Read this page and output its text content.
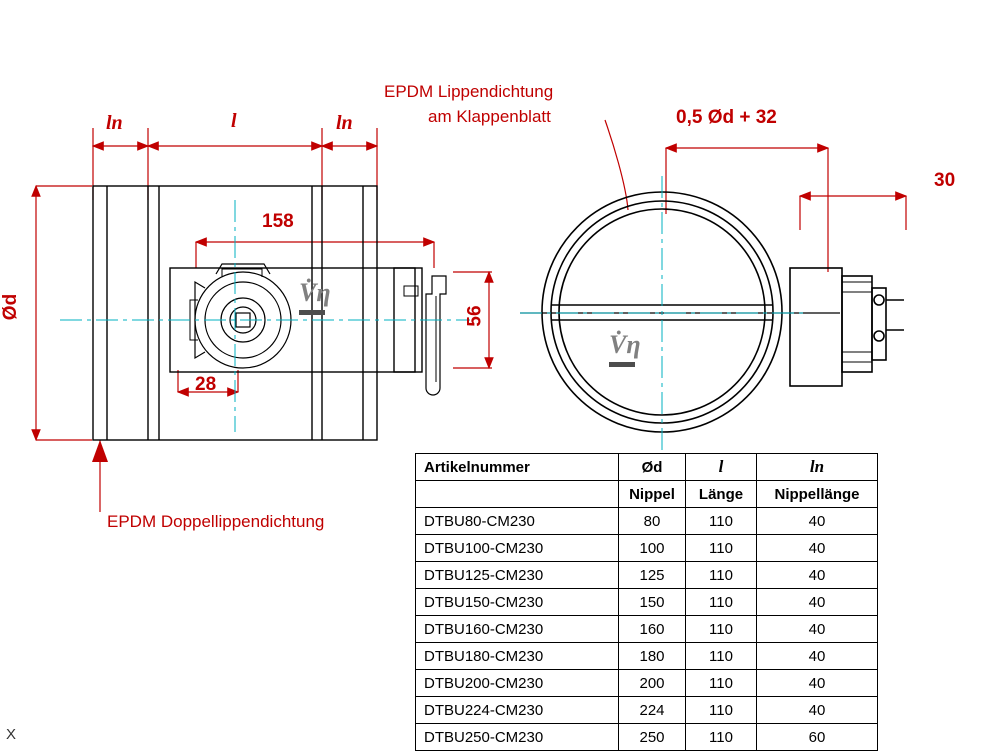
ln	l	ln
158
28
Ød	56
0,5 Ød + 32
30
EPDM Lippendichtung
am Klappenblatt
EPDM Doppellippendichtung
V̇η
V̇η
X
Artikelnummer	Ød	l	ln
	Nippel	Länge	Nippellänge
DTBU80-CM230	80	110	40
DTBU100-CM230	100	110	40
DTBU125-CM230	125	110	40
DTBU150-CM230	150	110	40
DTBU160-CM230	160	110	40
DTBU180-CM230	180	110	40
DTBU200-CM230	200	110	40
DTBU224-CM230	224	110	40
DTBU250-CM230	250	110	60
